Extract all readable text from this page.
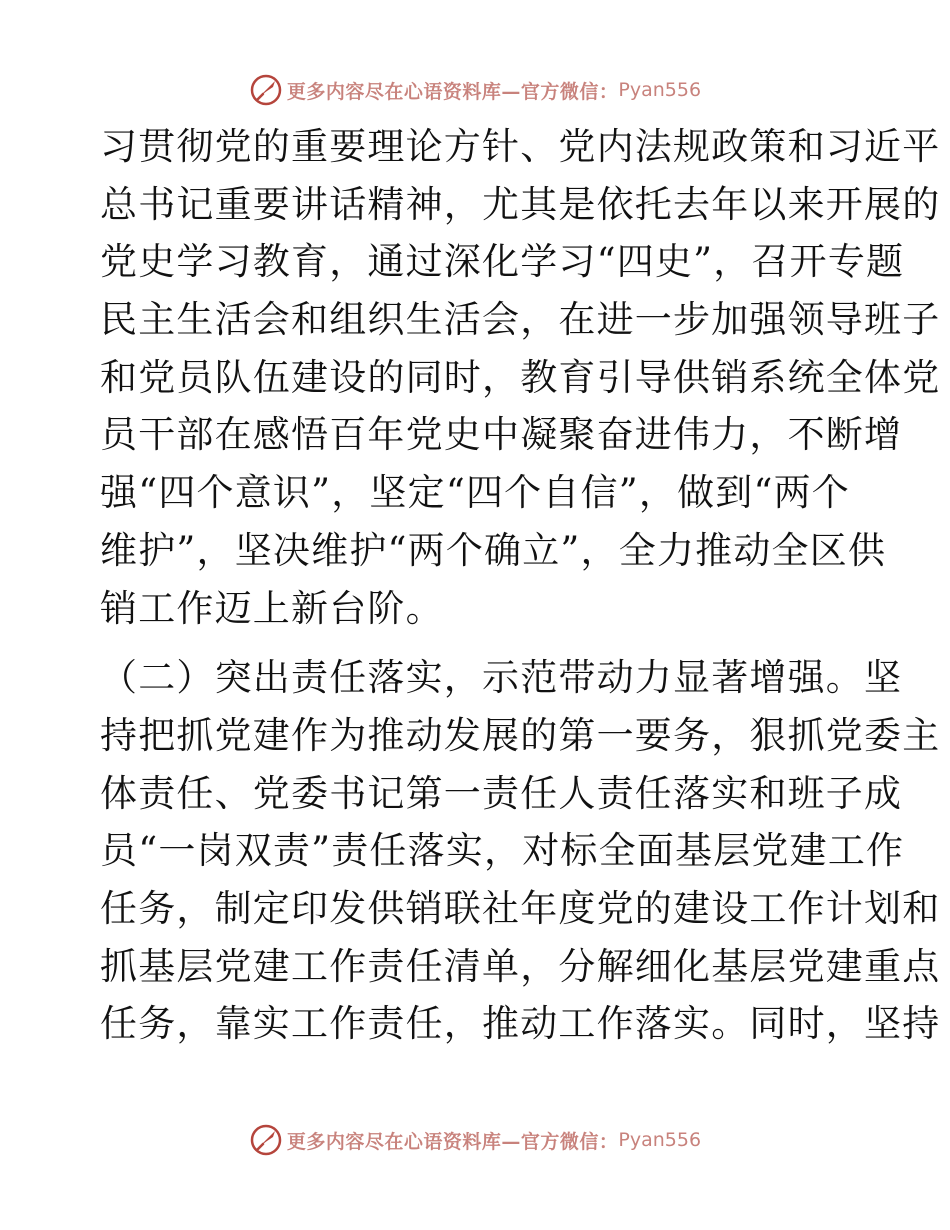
更多内容尽在心语资料库—官方微信： Pyan556
习贯彻党的重要理论方针、党内法规政策和习近平
总书记重要讲话精神，尤其是依托去年以来开展的
党史学习教育，通过深化学习“四史”，召开专题
民主生活会和组织生活会，在进一步加强领导班子
和党员队伍建设的同时，教育引导供销系统全体党
员干部在感悟百年党史中凝聚奋进伟力，不断增
强“四个意识”，坚定“四个自信”，做到“两个
维护”，坚决维护“两个确立”，全力推动全区供
销工作迈上新台阶。
（二）突出责任落实，示范带动力显著增强。坚
持把抓党建作为推动发展的第一要务，狠抓党委主
体责任、党委书记第一责任人责任落实和班子成
员“一岗双责”责任落实，对标全面基层党建工作
任务，制定印发供销联社年度党的建设工作计划和
抓基层党建工作责任清单，分解细化基层党建重点
任务，靠实工作责任，推动工作落实。同时，坚持
更多内容尽在心语资料库—官方微信： Pyan556
